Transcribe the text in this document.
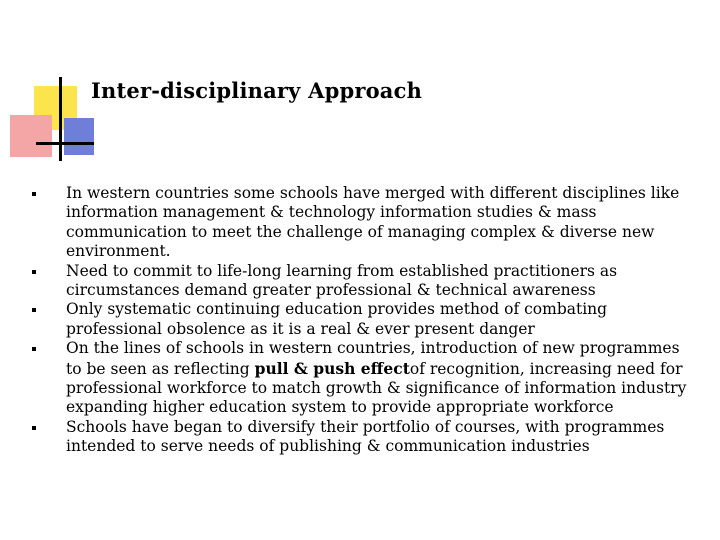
Inter-disciplinary Approach
In western countries some schools have merged with different disciplines like information management & technology information studies & mass communication to meet the challenge of managing complex & diverse new environment.
Need to commit to life-long learning from established practitioners as circumstances demand greater professional & technical awareness
Only systematic continuing education provides method of combating professional obsolence as it is a real & ever present danger
On the lines of schools in western countries, introduction of new programmes to be seen as reflecting pull & push effectof recognition, increasing need for professional workforce to match growth & significance of information industry expanding higher education system to provide appropriate workforce
Schools have began to diversify their portfolio of courses, with programmes intended to serve needs of publishing & communication industries
